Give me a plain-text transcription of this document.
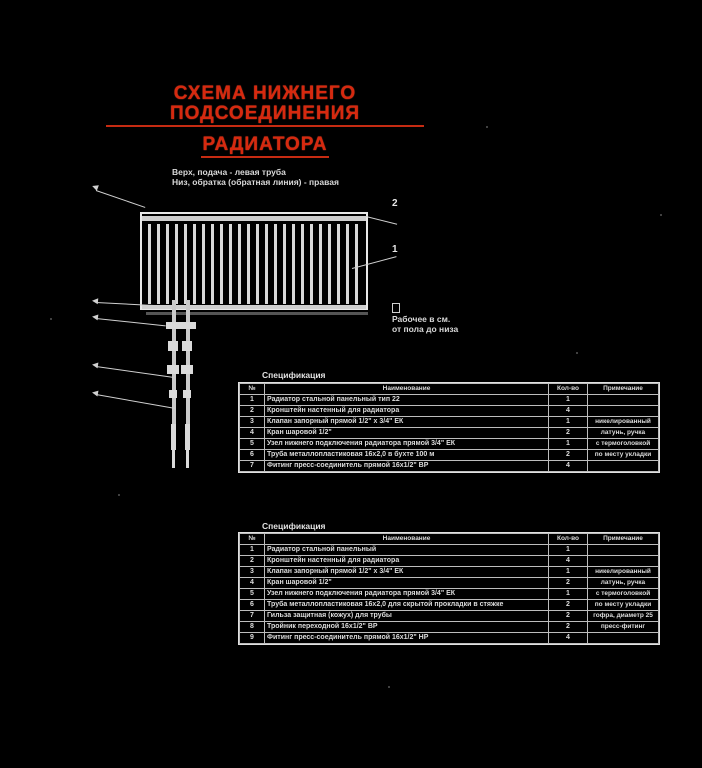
СХЕМА НИЖНЕГО ПОДСОЕДИНЕНИЯ
РАДИАТОРА
Верх, подача - левая труба
Низ, обратка (обратная линия) - правая
2
1
Рабочее в см.
от пола до низа
Спецификация
№	Наименование	Кол-во	Примечание
1	Радиатор стальной панельный тип 22	1	
2	Кронштейн настенный для радиатора	4	
3	Клапан запорный прямой 1/2" х 3/4" ЕК	1	никелированный
4	Кран шаровой 1/2"	2	латунь, ручка
5	Узел нижнего подключения радиатора прямой 3/4" ЕК	1	с термоголовкой
6	Труба металлопластиковая 16х2,0 в бухте 100 м	2	по месту укладки
7	Фитинг пресс-соединитель прямой 16х1/2" ВР	4	
Спецификация
№	Наименование	Кол-во	Примечание
1	Радиатор стальной панельный	1	
2	Кронштейн настенный для радиатора	4	
3	Клапан запорный прямой 1/2" х 3/4" ЕК	1	никелированный
4	Кран шаровой 1/2"	2	латунь, ручка
5	Узел нижнего подключения радиатора прямой 3/4" ЕК	1	с термоголовкой
6	Труба металлопластиковая 16х2,0 для скрытой прокладки в стяжке	2	по месту укладки
7	Гильза защитная (кожух) для трубы	2	гофра, диаметр 25
8	Тройник переходной 16х1/2" ВР	2	пресс-фитинг
9	Фитинг пресс-соединитель прямой 16х1/2" НР	4	
